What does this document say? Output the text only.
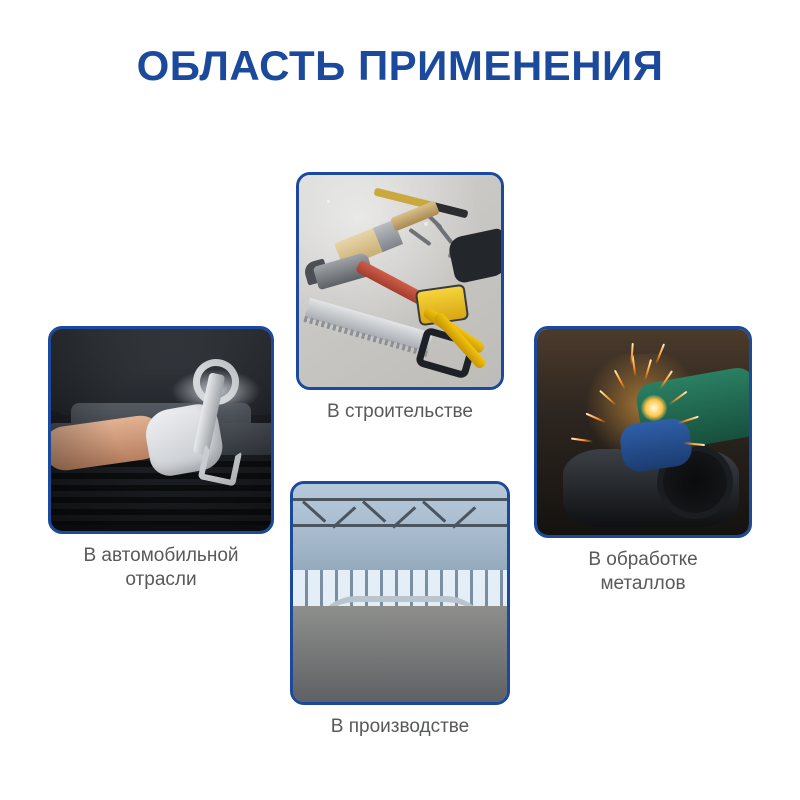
ОБЛАСТЬ ПРИМЕНЕНИЯ
В строительстве
В автомобильной
отрасли
В обработке
металлов
В производстве
